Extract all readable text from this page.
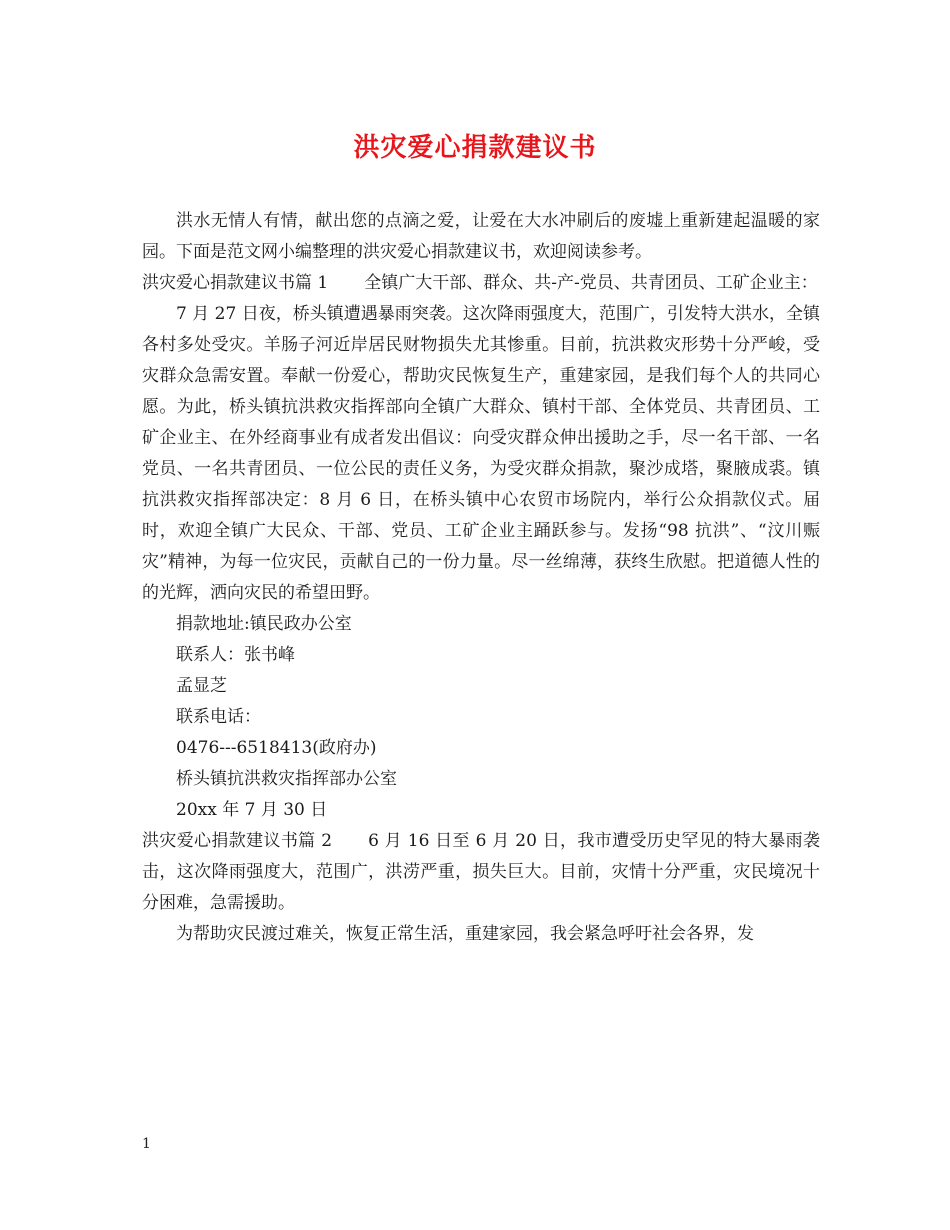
洪灾爱心捐款建议书

洪水无情人有情，献出您的点滴之爱，让爱在大水冲刷后的废墟上重新建起温暖的家园。下面是范文网小编整理的洪灾爱心捐款建议书，欢迎阅读参考。

洪灾爱心捐款建议书篇 1 全镇广大干部、群众、共-产-党员、共青团员、工矿企业主：

7 月 27 日夜，桥头镇遭遇暴雨突袭。这次降雨强度大，范围广，引发特大洪水，全镇各村多处受灾。羊肠子河近岸居民财物损失尤其惨重。目前，抗洪救灾形势十分严峻，受灾群众急需安置。奉献一份爱心，帮助灾民恢复生产，重建家园，是我们每个人的共同心愿。为此，桥头镇抗洪救灾指挥部向全镇广大群众、镇村干部、全体党员、共青团员、工矿企业主、在外经商事业有成者发出倡议：向受灾群众伸出援助之手，尽一名干部、一名党员、一名共青团员、一位公民的责任义务，为受灾群众捐款，聚沙成塔，聚腋成裘。镇抗洪救灾指挥部决定：8 月 6 日，在桥头镇中心农贸市场院内，举行公众捐款仪式。届时，欢迎全镇广大民众、干部、党员、工矿企业主踊跃参与。发扬“98 抗洪”、“汶川赈灾”精神，为每一位灾民，贡献自己的一份力量。尽一丝绵薄，获终生欣慰。把道德人性的的光辉，洒向灾民的希望田野。

捐款地址:镇民政办公室

联系人：张书峰

孟显芝

联系电话：

0476---6518413(政府办)

桥头镇抗洪救灾指挥部办公室

20xx 年 7 月 30 日

洪灾爱心捐款建议书篇 2 6 月 16 日至 6 月 20 日，我市遭受历史罕见的特大暴雨袭击，这次降雨强度大，范围广，洪涝严重，损失巨大。目前，灾情十分严重，灾民境况十分困难，急需援助。

为帮助灾民渡过难关，恢复正常生活，重建家园，我会紧急呼吁社会各界，发

1
